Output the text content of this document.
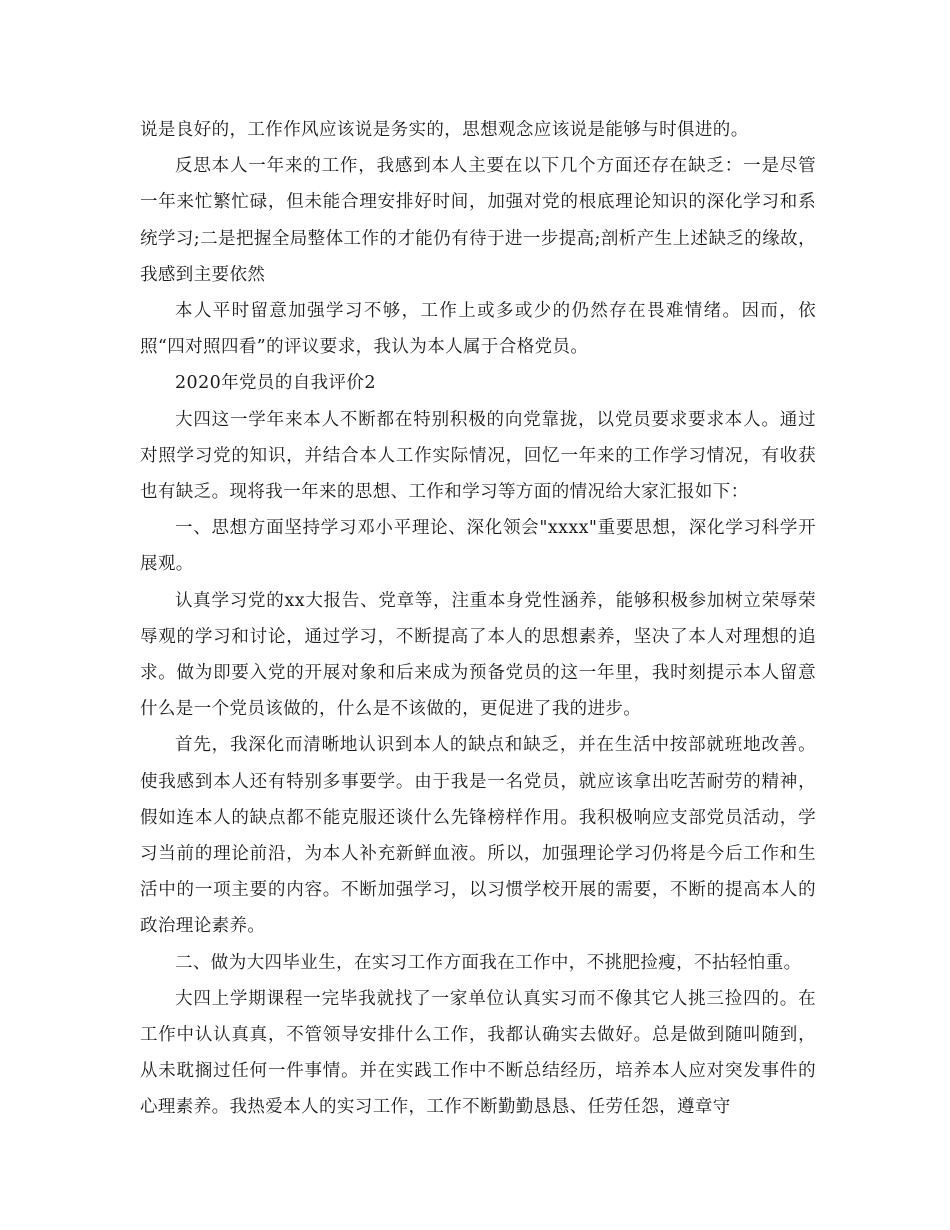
说是良好的，工作作风应该说是务实的，思想观念应该说是能够与时俱进的。

反思本人一年来的工作，我感到本人主要在以下几个方面还存在缺乏：一是尽管一年来忙繁忙碌，但未能合理安排好时间，加强对党的根底理论知识的深化学习和系统学习;二是把握全局整体工作的才能仍有待于进一步提高;剖析产生上述缺乏的缘故，我感到主要依然

本人平时留意加强学习不够，工作上或多或少的仍然存在畏难情绪。因而，依照“四对照四看”的评议要求，我认为本人属于合格党员。

2020年党员的自我评价2

大四这一学年来本人不断都在特别积极的向党靠拢，以党员要求要求本人。通过对照学习党的知识，并结合本人工作实际情况，回忆一年来的工作学习情况，有收获也有缺乏。现将我一年来的思想、工作和学习等方面的情况给大家汇报如下：

一、思想方面坚持学习邓小平理论、深化领会"xxxx"重要思想，深化学习科学开展观。

认真学习党的xx大报告、党章等，注重本身党性涵养，能够积极参加树立荣辱荣辱观的学习和讨论，通过学习，不断提高了本人的思想素养，坚决了本人对理想的追求。做为即要入党的开展对象和后来成为预备党员的这一年里，我时刻提示本人留意什么是一个党员该做的，什么是不该做的，更促进了我的进步。

首先，我深化而清晰地认识到本人的缺点和缺乏，并在生活中按部就班地改善。使我感到本人还有特别多事要学。由于我是一名党员，就应该拿出吃苦耐劳的精神，假如连本人的缺点都不能克服还谈什么先锋榜样作用。我积极响应支部党员活动，学习当前的理论前沿，为本人补充新鲜血液。所以，加强理论学习仍将是今后工作和生活中的一项主要的内容。不断加强学习，以习惯学校开展的需要，不断的提高本人的政治理论素养。

二、做为大四毕业生，在实习工作方面我在工作中，不挑肥捡瘦，不拈轻怕重。

大四上学期课程一完毕我就找了一家单位认真实习而不像其它人挑三捡四的。在工作中认认真真，不管领导安排什么工作，我都认确实去做好。总是做到随叫随到，从未耽搁过任何一件事情。并在实践工作中不断总结经历，培养本人应对突发事件的心理素养。我热爱本人的实习工作，工作不断勤勤恳恳、任劳任怨，遵章守
